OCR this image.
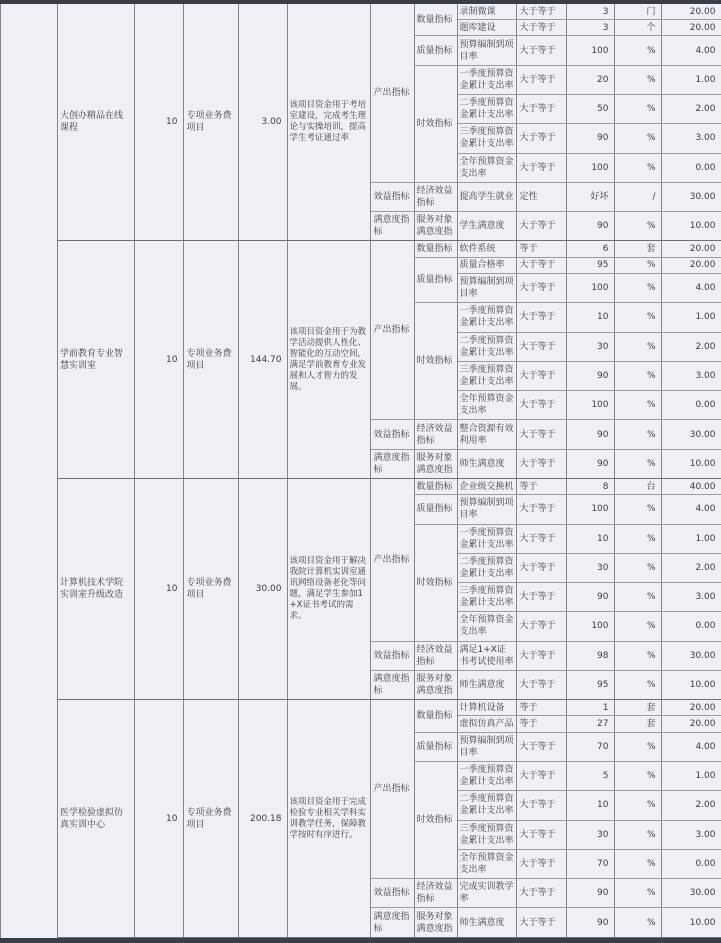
大创办精品在线课程	10	专项业务费项目	3.00	该项目资金用于考培室建设，完成考生理论与实操培训，提高学生考证通过率	产出指标	数量指标	录制微课	大于等于	3	门	20.00
							题库建设	大于等于	3	个	20.00
						质量指标	预算编制到项目率	大于等于	100	%	4.00
						时效指标	一季度预算资金累计支出率	大于等于	20	%	1.00
							二季度预算资金累计支出率	大于等于	50	%	2.00
							三季度预算资金累计支出率	大于等于	90	%	3.00
							全年预算资金支出率	大于等于	100	%	0.00
					效益指标	经济效益指标	提高学生就业	定性	好坏	/	30.00
					满意度指标	服务对象满意度指	学生满意度	大于等于	90	%	10.00
学前教育专业智慧实训室	10	专项业务费项目	144.70	该项目资金用于为教学活动提供人性化、智能化的互动空间，满足学前教育专业发展和人才智力的发展。	产出指标	数量指标	软件系统	等于	6	套	20.00
						质量指标	质量合格率	大于等于	95	%	20.00
							预算编制到项目率	大于等于	100	%	4.00
						时效指标	一季度预算资金累计支出率	大于等于	10	%	1.00
							二季度预算资金累计支出率	大于等于	30	%	2.00
							三季度预算资金累计支出率	大于等于	90	%	3.00
							全年预算资金支出率	大于等于	100	%	0.00
					效益指标	经济效益指标	整合资源有效利用率	大于等于	90	%	30.00
					满意度指标	服务对象满意度指	师生满意度	大于等于	90	%	10.00
计算机技术学院实训室升级改造	10	专项业务费项目	30.00	该项目资金用于解决我院计算机实训室通讯网络设备老化等问题，满足学生参加1+X证书考试的需求。	产出指标	数量指标	企业级交换机	等于	8	台	40.00
						质量指标	预算编制到项目率	大于等于	100	%	4.00
						时效指标	一季度预算资金累计支出率	大于等于	10	%	1.00
							二季度预算资金累计支出率	大于等于	30	%	2.00
							三季度预算资金累计支出率	大于等于	90	%	3.00
							全年预算资金支出率	大于等于	100	%	0.00
					效益指标	经济效益指标	满足1+X证书考试使用率	大于等于	98	%	30.00
					满意度指标	服务对象满意度指	师生满意度	大于等于	95	%	10.00
医学检验虚拟仿真实训中心	10	专项业务费项目	200.18	该项目资金用于完成检验专业相关学科实训教学任务，保障教学按时有序进行。	产出指标	数量指标	计算机设备	等于	1	套	20.00
							虚拟仿真产品	等于	27	套	20.00
						质量指标	预算编制到项目率	大于等于	70	%	4.00
						时效指标	一季度预算资金累计支出率	大于等于	5	%	1.00
							二季度预算资金累计支出率	大于等于	10	%	2.00
							三季度预算资金累计支出率	大于等于	30	%	3.00
							全年预算资金支出率	大于等于	70	%	0.00
					效益指标	经济效益指标	完成实训教学率	大于等于	90	%	30.00
					满意度指标	服务对象满意度指	师生满意度	大于等于	90	%	10.00
